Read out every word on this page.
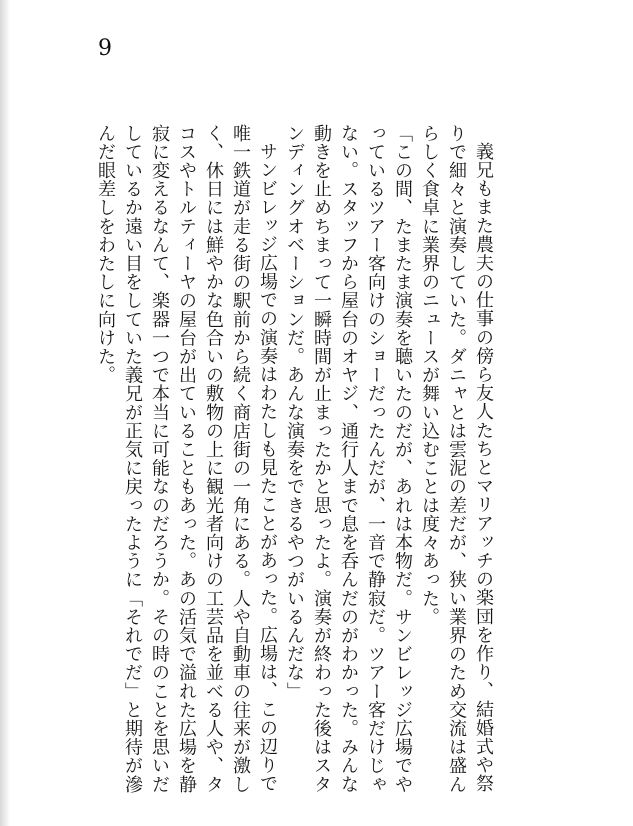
9

義兄もまた農夫の仕事の傍ら友人たちとマリアッチの楽団を作り、結婚式や祭りで細々と演奏していた。ダニャとは雲泥の差だが、狭い業界のため交流は盛んらしく食卓に業界のニュースが舞い込むことは度々あった。

「この間、たまたま演奏を聴いたのだが、あれは本物だ。サンビレッジ広場でやっているツアー客向けのショーだったんだが、一音で静寂だ。ツアー客だけじゃない。スタッフから屋台のオヤジ、通行人まで息を呑んだのがわかった。みんな動きを止めちまって一瞬時間が止まったかと思ったよ。演奏が終わった後はスタンディングオベーションだ。あんな演奏をできるやつがいるんだな」

サンビレッジ広場での演奏はわたしも見たことがあった。広場は、この辺りで唯一鉄道が走る街の駅前から続く商店街の一角にある。人や自動車の往来が激しく、休日には鮮やかな色合いの敷物の上に観光者向けの工芸品を並べる人や、タコスやトルティーヤの屋台が出ていることもあった。あの活気で溢れた広場を静寂に変えるなんて、楽器一つで本当に可能なのだろうか。その時のことを思いだしているか遠い目をしていた義兄が正気に戻ったように「それでだ」と期待が滲んだ眼差しをわたしに向けた。
